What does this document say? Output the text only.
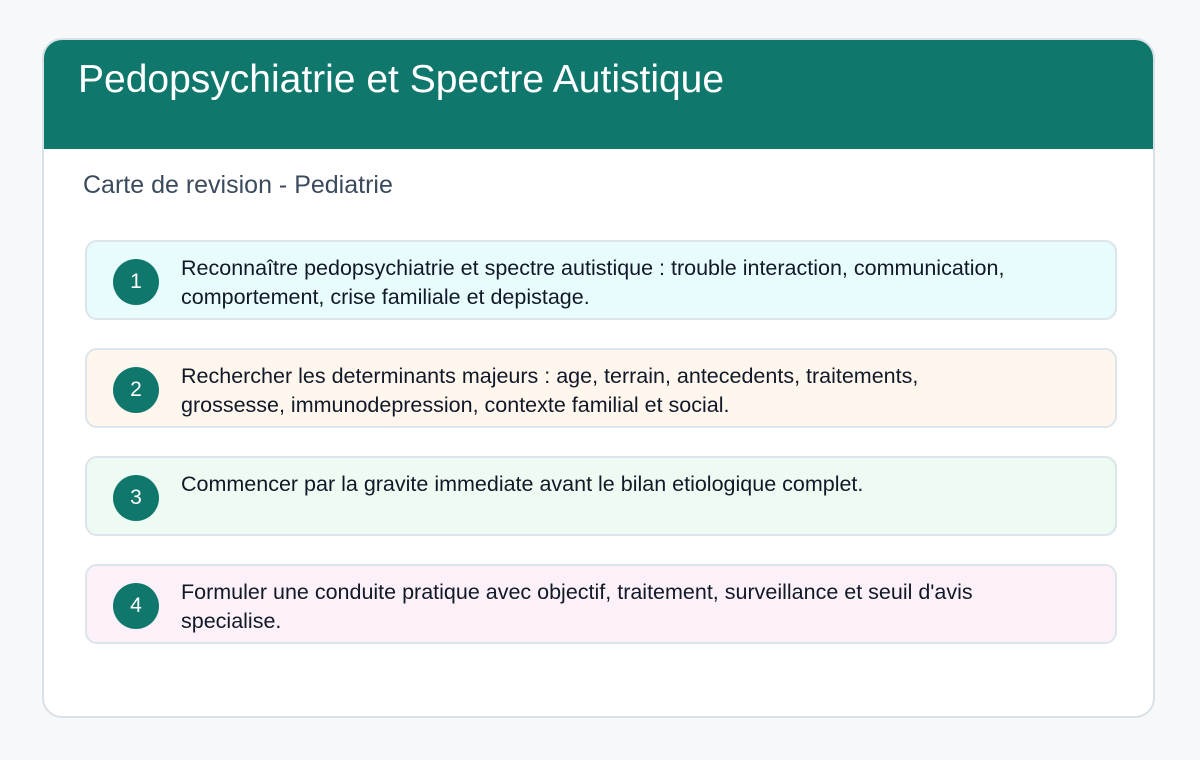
Pedopsychiatrie et Spectre Autistique
Carte de revision - Pediatrie
1
Reconnaître pedopsychiatrie et spectre autistique : trouble interaction, communication, comportement, crise familiale et depistage.
2
Rechercher les determinants majeurs : age, terrain, antecedents, traitements, grossesse, immunodepression, contexte familial et social.
3
Commencer par la gravite immediate avant le bilan etiologique complet.
4
Formuler une conduite pratique avec objectif, traitement, surveillance et seuil d'avis specialise.
